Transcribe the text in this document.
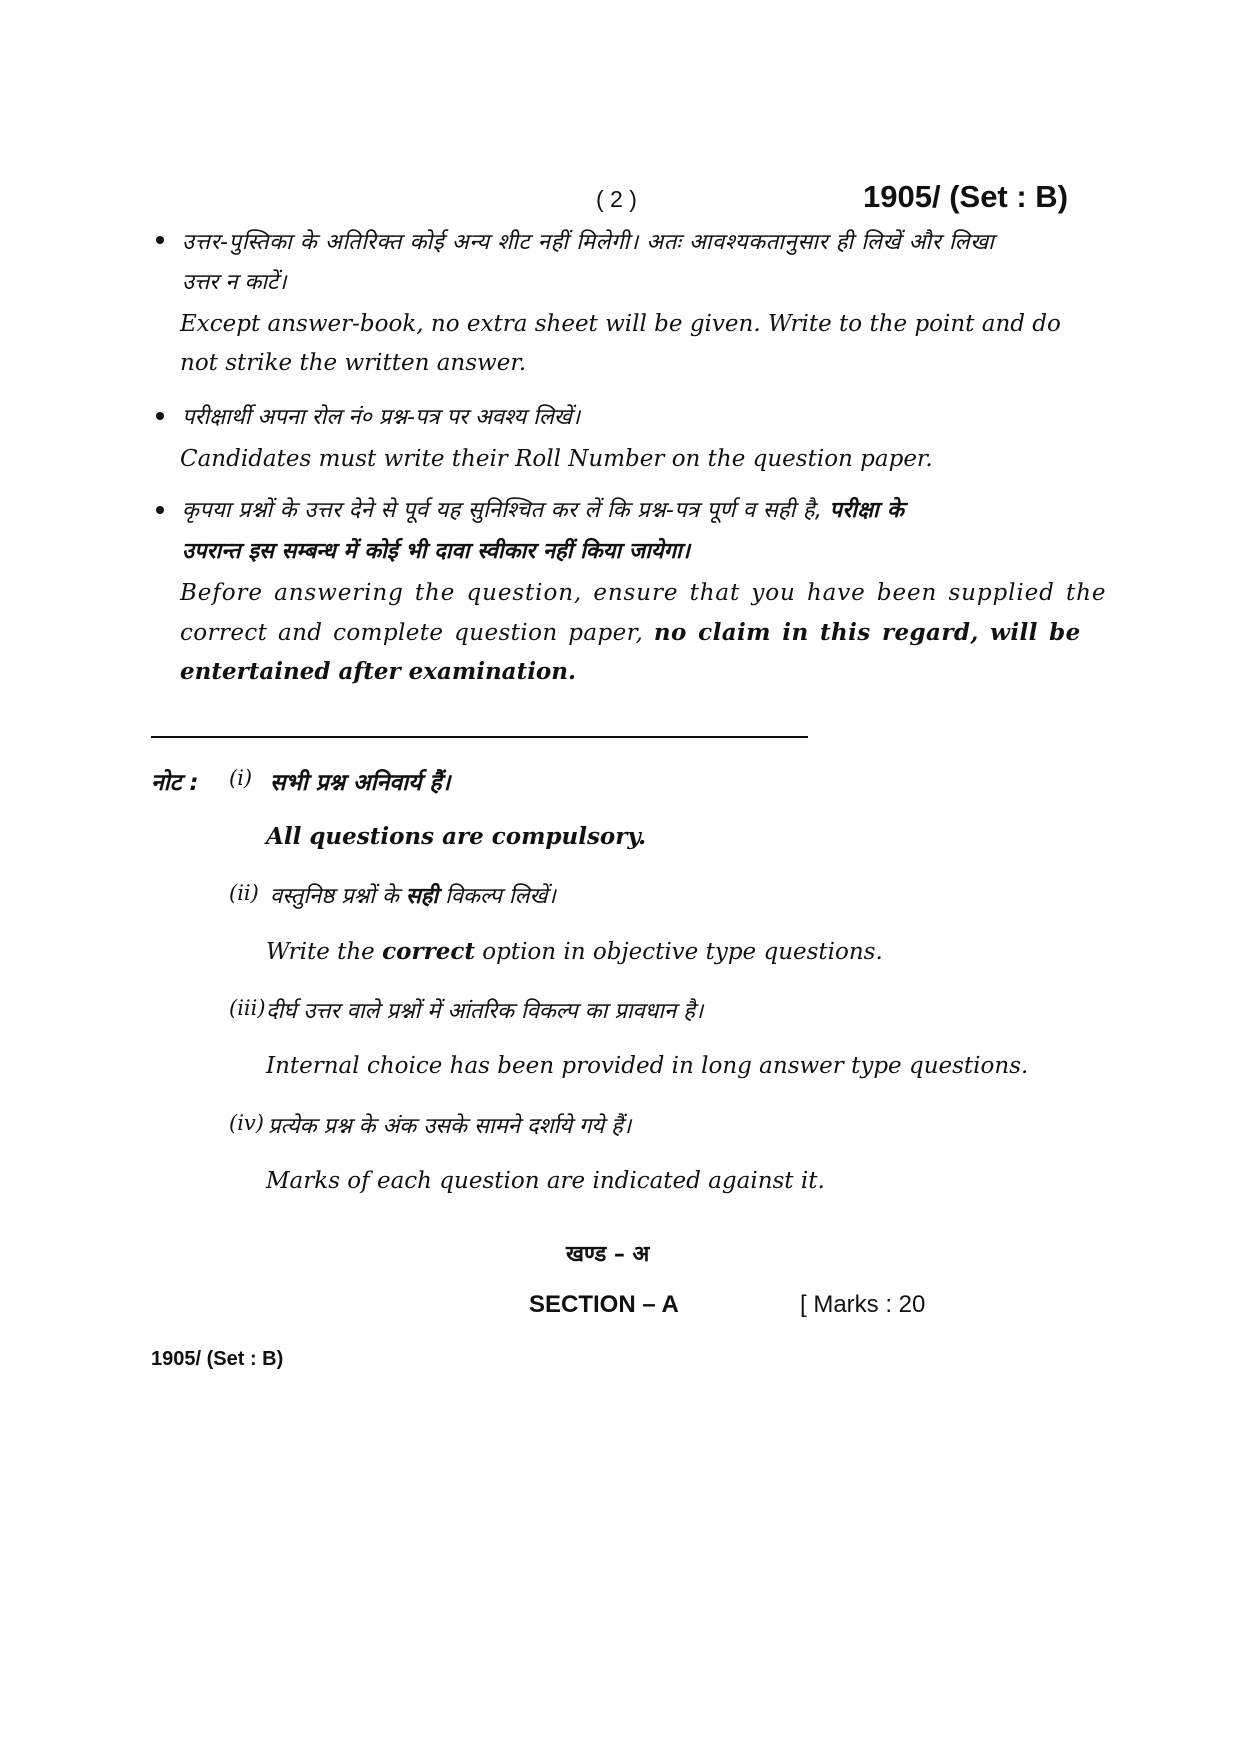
( 2 )	1905/ (Set : B)
उत्तर-पुस्तिका के अतिरिक्त कोई अन्य शीट नहीं मिलेगी। अतः आवश्यकतानुसार ही लिखें और लिखा
उत्तर न काटें।
Except answer-book, no extra sheet will be given. Write to the point and do
not strike the written answer.
परीक्षार्थी अपना रोल नं० प्रश्न-पत्र पर अवश्य लिखें।
Candidates must write their Roll Number on the question paper.
कृपया प्रश्नों के उत्तर देने से पूर्व यह सुनिश्चित कर लें कि प्रश्न-पत्र पूर्ण व सही है, परीक्षा के
उपरान्त इस सम्बन्ध में कोई भी दावा स्वीकार नहीं किया जायेगा।
Before answering the question, ensure that you have been supplied the
correct and complete question paper, no claim in this regard, will be
entertained after examination.
नोट : (i) सभी प्रश्न अनिवार्य हैं।
All questions are compulsory.
(ii) वस्तुनिष्ठ प्रश्नों के सही विकल्प लिखें।
Write the correct option in objective type questions.
(iii) दीर्घ उत्तर वाले प्रश्नों में आंतरिक विकल्प का प्रावधान है।
Internal choice has been provided in long answer type questions.
(iv) प्रत्येक प्रश्न के अंक उसके सामने दर्शाये गये हैं।
Marks of each question are indicated against it.
खण्ड – अ
SECTION – A	[ Marks : 20
1905/ (Set : B)
